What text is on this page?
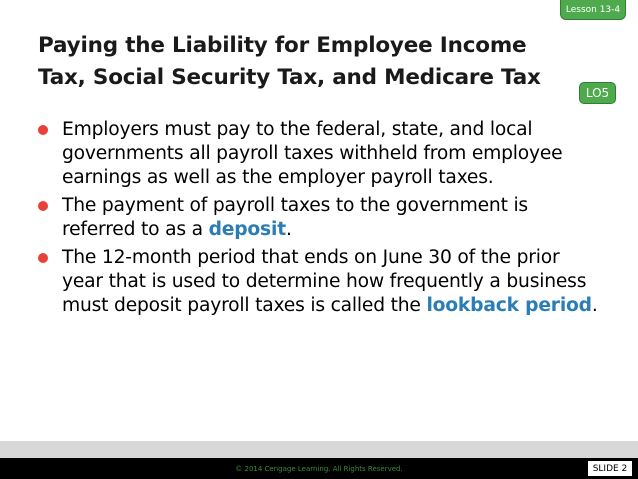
Lesson 13-4
Paying the Liability for Employee Income Tax, Social Security Tax, and Medicare Tax
LO5
Employers must pay to the federal, state, and local governments all payroll taxes withheld from employee earnings as well as the employer payroll taxes.
The payment of payroll taxes to the government is referred to as a deposit.
The 12-month period that ends on June 30 of the prior year that is used to determine how frequently a business must deposit payroll taxes is called the lookback period.
© 2014 Cengage Learning. All Rights Reserved.	SLIDE 2
